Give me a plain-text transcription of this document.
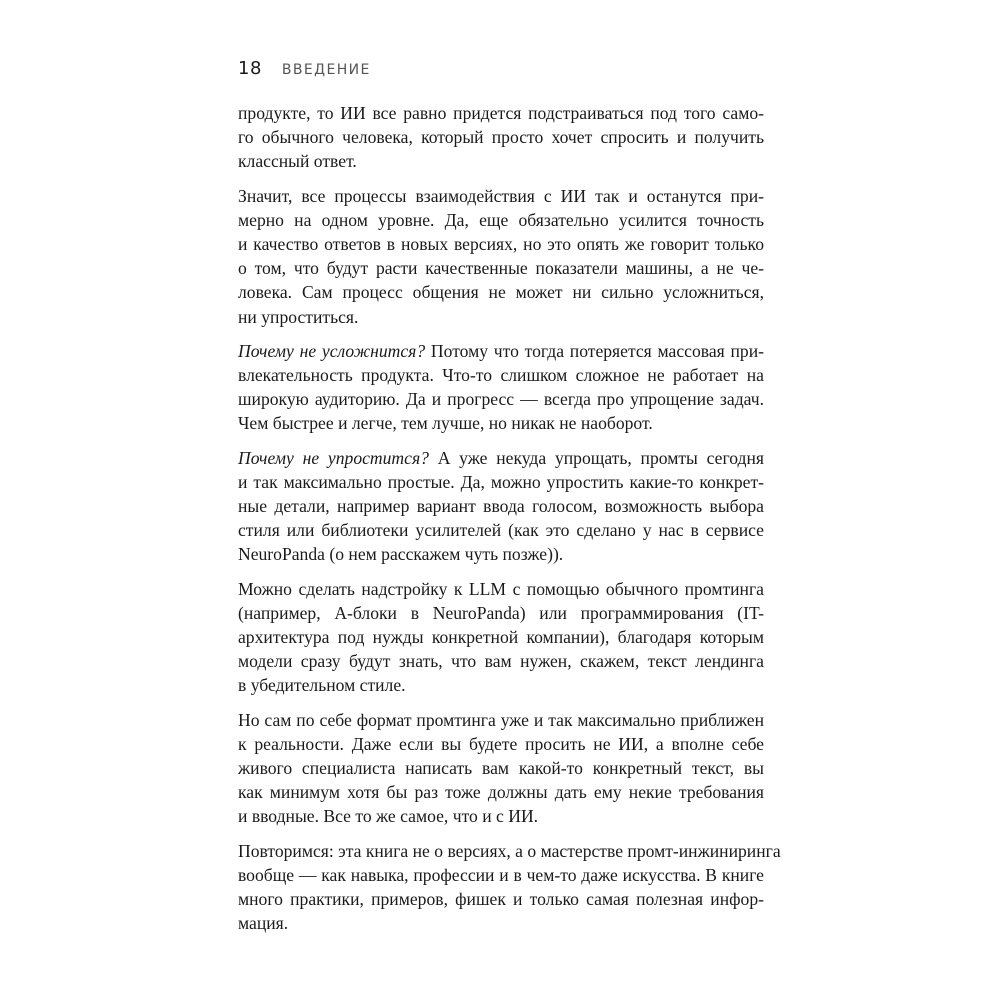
18 ВВЕДЕНИЕ
продукте, то ИИ все равно придется подстраиваться под того само-
го обычного человека, который просто хочет спросить и получить
классный ответ.
Значит, все процессы взаимодействия с ИИ так и останутся при-
мерно на одном уровне. Да, еще обязательно усилится точность
и качество ответов в новых версиях, но это опять же говорит только
о том, что будут расти качественные показатели машины, а не че-
ловека. Сам процесс общения не может ни сильно усложниться,
ни упроститься.
Почему не усложнится? Потому что тогда потеряется массовая при-
влекательность продукта. Что-то слишком сложное не работает на
широкую аудиторию. Да и прогресс — всегда про упрощение задач.
Чем быстрее и легче, тем лучше, но никак не наоборот.
Почему не упростится? А уже некуда упрощать, промты сегодня
и так максимально простые. Да, можно упростить какие-то конкрет-
ные детали, например вариант ввода голосом, возможность выбора
стиля или библиотеки усилителей (как это сделано у нас в сервисе
NeuroPanda (о нем расскажем чуть позже)).
Можно сделать надстройку к LLM с помощью обычного промтинга
(например, А-блоки в NeuroPanda) или программирования (IT-
архитектура под нужды конкретной компании), благодаря которым
модели сразу будут знать, что вам нужен, скажем, текст лендинга
в убедительном стиле.
Но сам по себе формат промтинга уже и так максимально приближен
к реальности. Даже если вы будете просить не ИИ, а вполне себе
живого специалиста написать вам какой-то конкретный текст, вы
как минимум хотя бы раз тоже должны дать ему некие требования
и вводные. Все то же самое, что и с ИИ.
Повторимся: эта книга не о версиях, а о мастерстве промт-инжиниринга
вообще — как навыка, профессии и в чем-то даже искусства. В книге
много практики, примеров, фишек и только самая полезная инфор-
мация.
